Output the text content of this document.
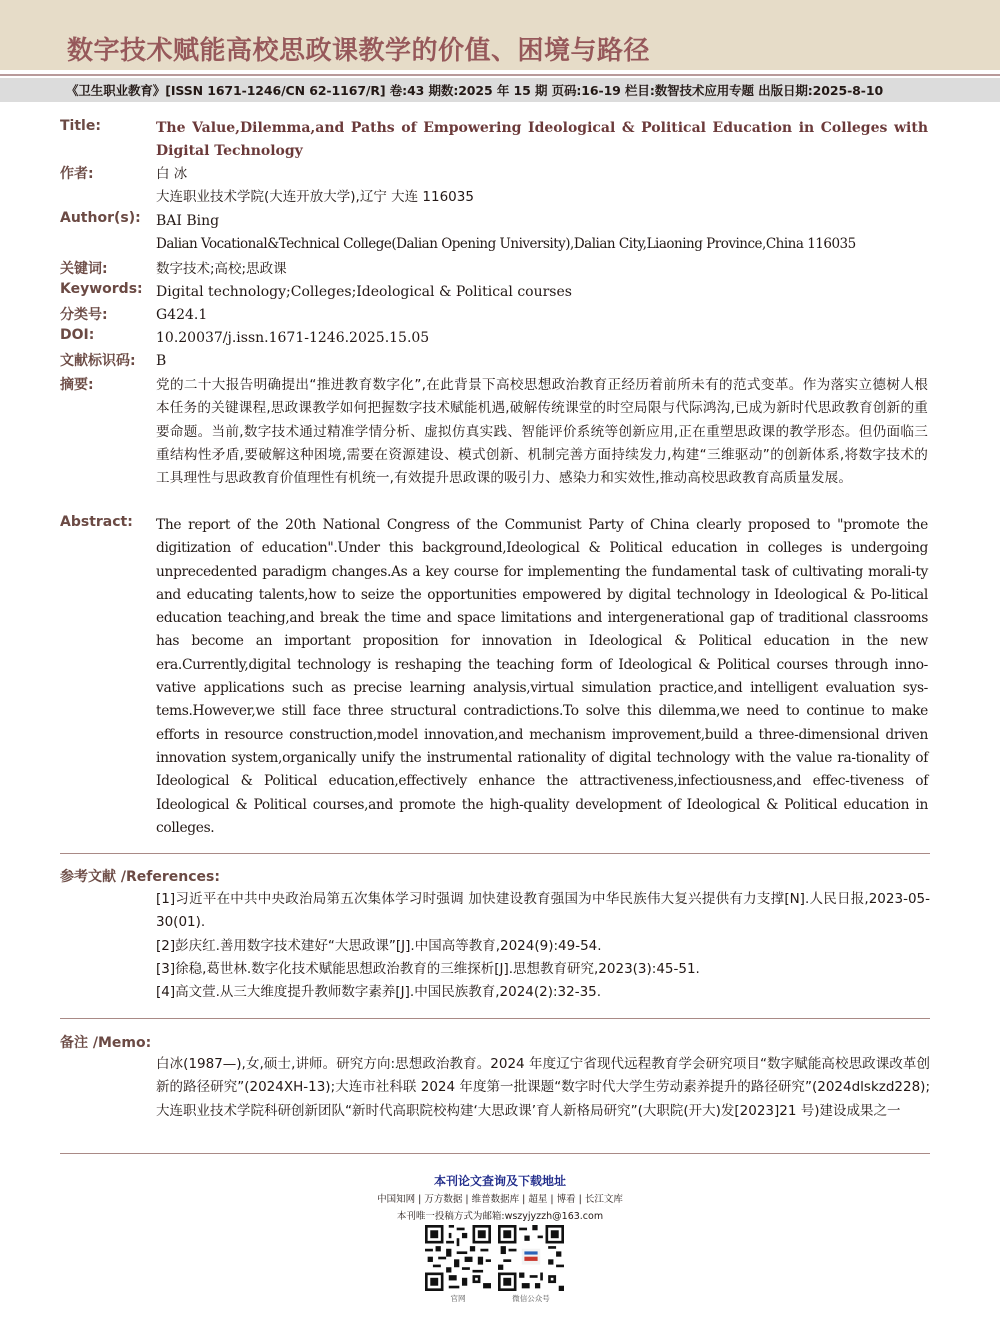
数字技术赋能高校思政课教学的价值、困境与路径
《卫生职业教育》[ISSN 1671-1246/CN 62-1167/R] 卷:43 期数:2025 年 15 期 页码:16-19 栏目:数智技术应用专题 出版日期:2025-8-10
Title:	The Value,Dilemma,and Paths of Empowering Ideological & Political Education in Colleges with Digital Technology
作者:	白 冰
大连职业技术学院(大连开放大学),辽宁 大连 116035
Author(s): BAI Bing
Dalian Vocational&Technical College(Dalian Opening University),Dalian City,Liaoning Province,China 116035
关键词:	数字技术;高校;思政课
Keywords: Digital technology;Colleges;Ideological & Political courses
分类号:	G424.1
DOI:	10.20037/j.issn.1671-1246.2025.15.05
文献标识码: B
摘要:	党的二十大报告明确提出“推进教育数字化”,在此背景下高校思想政治教育正经历着前所未有的范式变革。作为落实立德树人根本任务的关键课程,思政课教学如何把握数字技术赋能机遇,破解传统课堂的时空局限与代际鸿沟,已成为新时代思政教育创新的重要命题。当前,数字技术通过精准学情分析、虚拟仿真实践、智能评价系统等创新应用,正在重塑思政课的教学形态。但仍面临三重结构性矛盾,要破解这种困境,需要在资源建设、模式创新、机制完善方面持续发力,构建“三维驱动”的创新体系,将数字技术的工具理性与思政教育价值理性有机统一,有效提升思政课的吸引力、感染力和实效性,推动高校思政教育高质量发展。
Abstract: The report of the 20th National Congress of the Communist Party of China clearly proposed to "promote the digitization of education".Under this background,Ideological & Political education in colleges is undergoing unprecedented paradigm changes.As a key course for implementing the fundamental task of cultivating morali-ty and educating talents,how to seize the opportunities empowered by digital technology in Ideological & Po-litical education teaching,and break the time and space limitations and intergenerational gap of traditional classrooms has become an important proposition for innovation in Ideological & Political education in the new era.Currently,digital technology is reshaping the teaching form of Ideological & Political courses through inno-vative applications such as precise learning analysis,virtual simulation practice,and intelligent evaluation sys-tems.However,we still face three structural contradictions.To solve this dilemma,we need to continue to make efforts in resource construction,model innovation,and mechanism improvement,build a three-dimensional driven innovation system,organically unify the instrumental rationality of digital technology with the value ra-tionality of Ideological & Political education,effectively enhance the attractiveness,infectiousness,and effec-tiveness of Ideological & Political courses,and promote the high-quality development of Ideological & Political education in colleges.
参考文献 /References:
[1]习近平在中共中央政治局第五次集体学习时强调 加快建设教育强国为中华民族伟大复兴提供有力支撑[N].人民日报,2023-05-30(01).
[2]彭庆红.善用数字技术建好“大思政课”[J].中国高等教育,2024(9):49-54.
[3]徐稳,葛世林.数字化技术赋能思想政治教育的三维探析[J].思想教育研究,2023(3):45-51.
[4]高文萱.从三大维度提升教师数字素养[J].中国民族教育,2024(2):32-35.
备注 /Memo:
白冰(1987—),女,硕士,讲师。研究方向:思想政治教育。2024 年度辽宁省现代远程教育学会研究项目“数字赋能高校思政课改革创新的路径研究”(2024XH-13);大连市社科联 2024 年度第一批课题“数字时代大学生劳动素养提升的路径研究”(2024dlskzd228);大连职业技术学院科研创新团队“新时代高职院校构建‘大思政课’育人新格局研究”(大职院(开大)发[2023]21 号)建设成果之一
本刊论文查询及下载地址
中国知网 | 万方数据 | 维普数据库 | 超星 | 博看 | 长江文库
本刊唯一投稿方式为邮箱:wszyjyzzh@163.com
官网	微信公众号
